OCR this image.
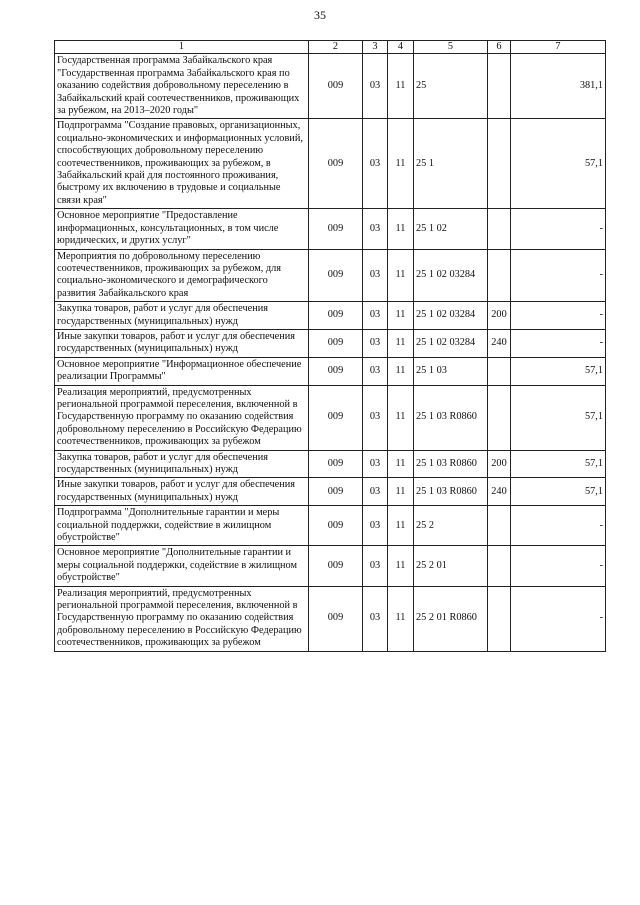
35
1	2	3	4	5	6	7
Государственная программа Забайкальского края "Государственная программа Забайкальского края по оказанию содействия добровольному переселению в Забайкальский край соотечественников, проживающих за рубежом, на 2013–2020 годы"	009	03	11	25		381,1
Подпрограмма "Создание правовых, организационных, социально-экономических и информационных условий, способствующих добровольному переселению соотечественников, проживающих за рубежом, в Забайкальский край для постоянного проживания, быстрому их включению в трудовые и социальные связи края"	009	03	11	25 1		57,1
Основное мероприятие "Предоставление информационных, консультационных, в том числе юридических, и других услуг"	009	03	11	25 1 02		-
Мероприятия по добровольному переселению соотечественников, проживающих за рубежом, для социально-экономического и демографического развития Забайкальского края	009	03	11	25 1 02 03284		-
Закупка товаров, работ и услуг для обеспечения государственных (муниципальных) нужд	009	03	11	25 1 02 03284	200	-
Иные закупки товаров, работ и услуг для обеспечения государственных (муниципальных) нужд	009	03	11	25 1 02 03284	240	-
Основное мероприятие "Информационное обеспечение реализации Программы"	009	03	11	25 1 03		57,1
Реализация мероприятий, предусмотренных региональной программой переселения, включенной в Государственную программу по оказанию содействия добровольному переселению в Российскую Федерацию соотечественников, проживающих за рубежом	009	03	11	25 1 03 R0860		57,1
Закупка товаров, работ и услуг для обеспечения государственных (муниципальных) нужд	009	03	11	25 1 03 R0860	200	57,1
Иные закупки товаров, работ и услуг для обеспечения государственных (муниципальных) нужд	009	03	11	25 1 03 R0860	240	57,1
Подпрограмма "Дополнительные гарантии и меры социальной поддержки, содействие в жилищном обустройстве"	009	03	11	25 2		-
Основное мероприятие "Дополнительные гарантии и меры социальной поддержки, содействие в жилищном обустройстве"	009	03	11	25 2 01		-
Реализация мероприятий, предусмотренных региональной программой переселения, включенной в Государственную программу по оказанию содействия добровольному переселению в Российскую Федерацию соотечественников, проживающих за рубежом	009	03	11	25 2 01 R0860		-
